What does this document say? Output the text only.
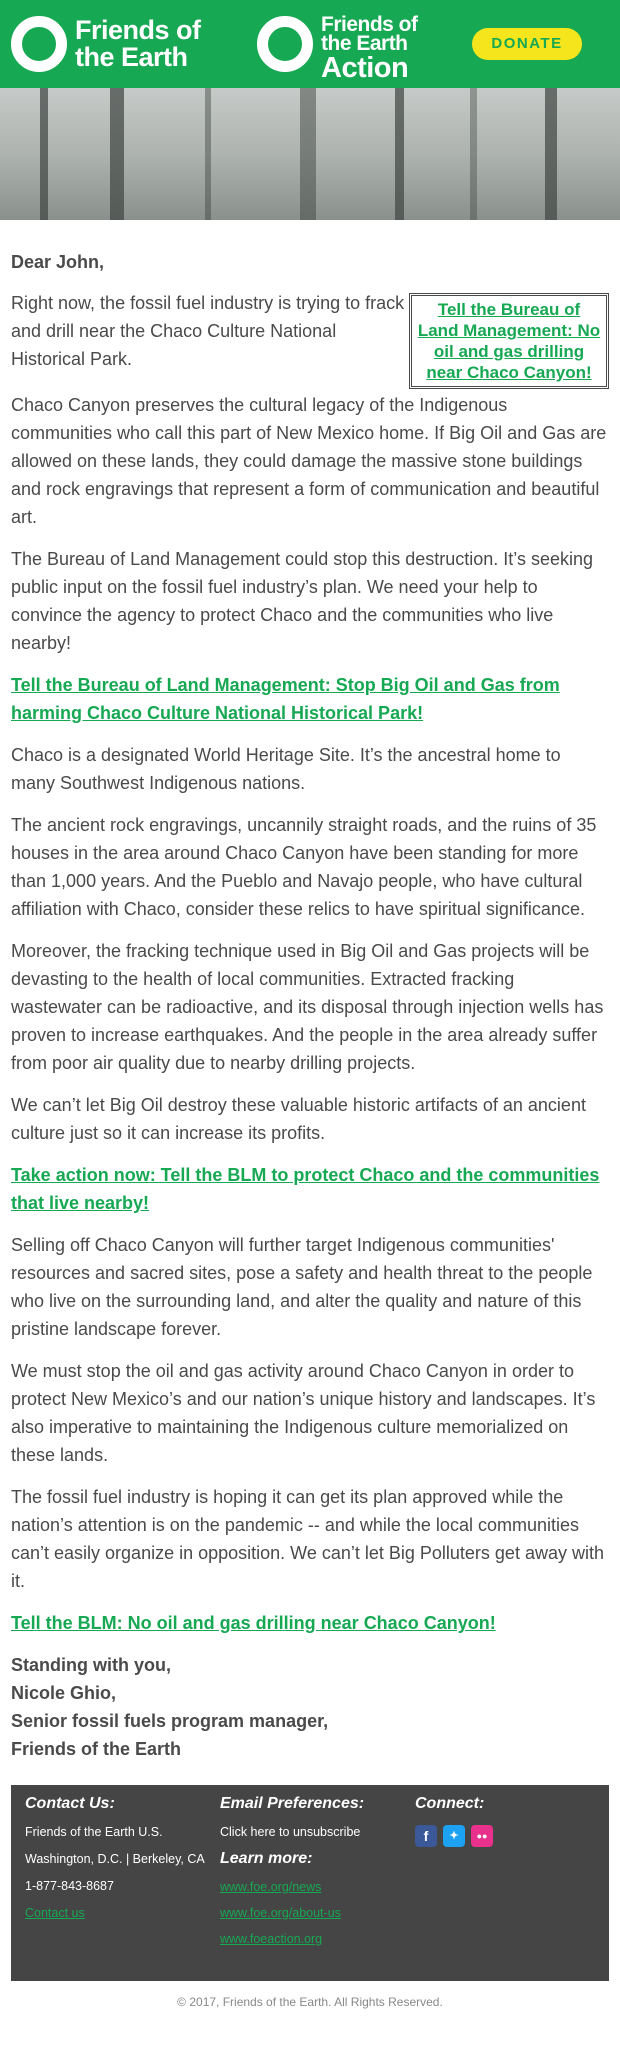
Friends of
the Earth
Friends of
the Earth
Action
DONATE
Dear John,

Right now, the fossil fuel industry is trying to frack and drill near the Chaco Culture National Historical Park.

Tell the Bureau of Land Management: No oil and gas drilling near Chaco Canyon!

Chaco Canyon preserves the cultural legacy of the Indigenous communities who call this part of New Mexico home. If Big Oil and Gas are allowed on these lands, they could damage the massive stone buildings and rock engravings that represent a form of communication and beautiful art.

The Bureau of Land Management could stop this destruction. It’s seeking public input on the fossil fuel industry’s plan. We need your help to convince the agency to protect Chaco and the communities who live nearby!

Tell the Bureau of Land Management: Stop Big Oil and Gas from harming Chaco Culture National Historical Park!

Chaco is a designated World Heritage Site. It’s the ancestral home to many Southwest Indigenous nations.

The ancient rock engravings, uncannily straight roads, and the ruins of 35 houses in the area around Chaco Canyon have been standing for more than 1,000 years. And the Pueblo and Navajo people, who have cultural affiliation with Chaco, consider these relics to have spiritual significance.

Moreover, the fracking technique used in Big Oil and Gas projects will be devasting to the health of local communities. Extracted fracking wastewater can be radioactive, and its disposal through injection wells has proven to increase earthquakes. And the people in the area already suffer from poor air quality due to nearby drilling projects.

We can’t let Big Oil destroy these valuable historic artifacts of an ancient culture just so it can increase its profits.

Take action now: Tell the BLM to protect Chaco and the communities that live nearby!

Selling off Chaco Canyon will further target Indigenous communities' resources and sacred sites, pose a safety and health threat to the people who live on the surrounding land, and alter the quality and nature of this pristine landscape forever.

We must stop the oil and gas activity around Chaco Canyon in order to protect New Mexico’s and our nation’s unique history and landscapes. It’s also imperative to maintaining the Indigenous culture memorialized on these lands.

The fossil fuel industry is hoping it can get its plan approved while the nation’s attention is on the pandemic -- and while the local communities can’t easily organize in opposition. We can’t let Big Polluters get away with it.

Tell the BLM: No oil and gas drilling near Chaco Canyon!
Standing with you,
Nicole Ghio,
Senior fossil fuels program manager,
Friends of the Earth
Contact Us:
Friends of the Earth U.S.
Washington, D.C. | Berkeley, CA
1-877-843-8687
Contact us
Email Preferences:
Click here to unsubscribe
Learn more:
www.foe.org/news
www.foe.org/about-us
www.foeaction.org
Connect:
f	✦	●●
© 2017, Friends of the Earth. All Rights Reserved.
